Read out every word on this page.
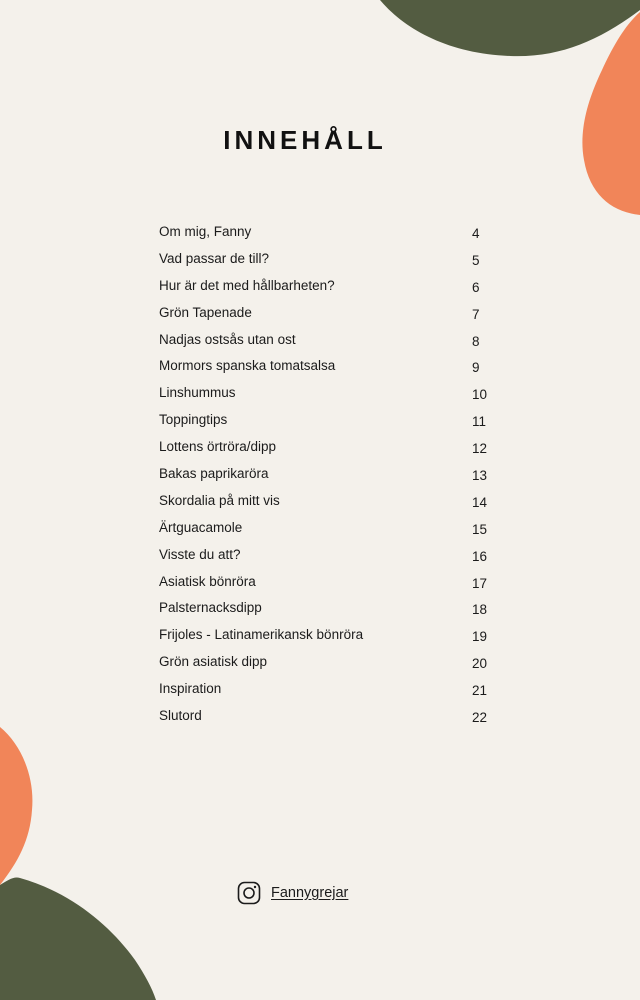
INNEHÅLL
Om mig, Fanny	4
Vad passar de till?	5
Hur är det med hållbarheten?	6
Grön Tapenade	7
Nadjas ostsås utan ost	8
Mormors spanska tomatsalsa	9
Linshummus	10
Toppingtips	11
Lottens örtröra/dipp	12
Bakas paprikaröra	13
Skordalia på mitt vis	14
Ärtguacamole	15
Visste du att?	16
Asiatisk bönröra	17
Palsternacksdipp	18
Frijoles - Latinamerikansk bönröra	19
Grön asiatisk dipp	20
Inspiration	21
Slutord	22
Fannygrejar
